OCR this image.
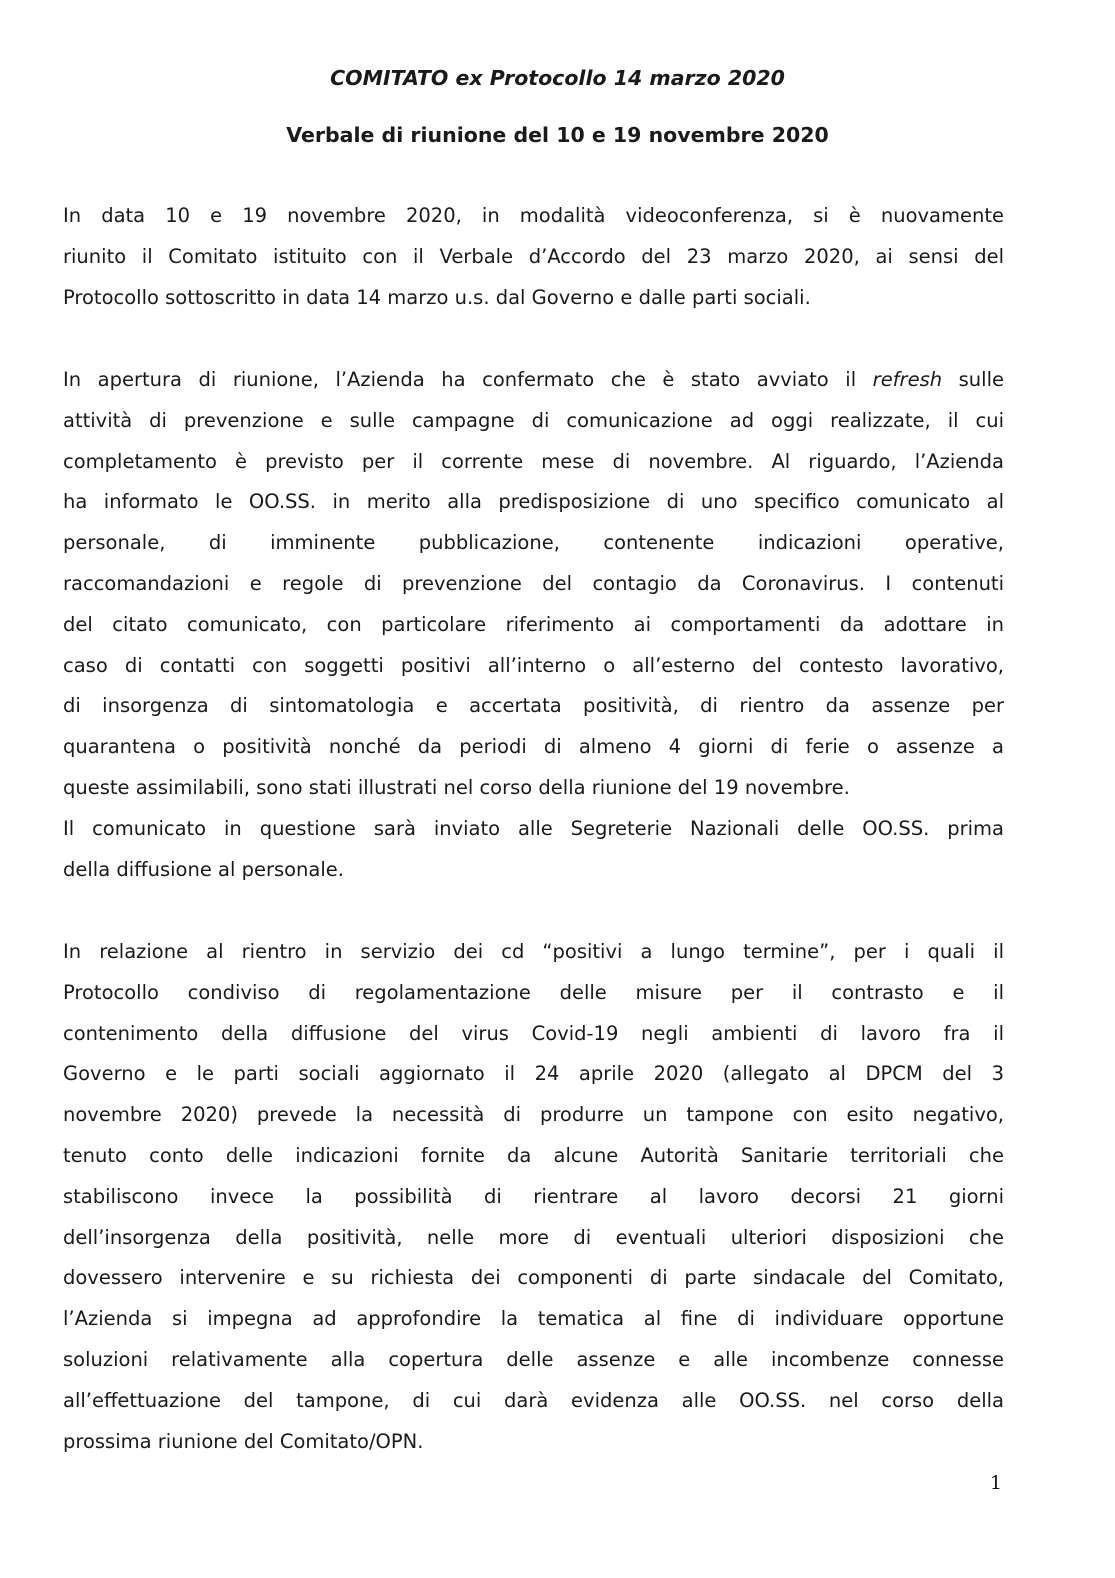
COMITATO ex Protocollo 14 marzo 2020
Verbale di riunione del 10 e 19 novembre 2020

In data 10 e 19 novembre 2020, in modalità videoconferenza, si è nuovamente
riunito il Comitato istituito con il Verbale d’Accordo del 23 marzo 2020, ai sensi del
Protocollo sottoscritto in data 14 marzo u.s. dal Governo e dalle parti sociali.

In apertura di riunione, l’Azienda ha confermato che è stato avviato il refresh sulle
attività di prevenzione e sulle campagne di comunicazione ad oggi realizzate, il cui
completamento è previsto per il corrente mese di novembre. Al riguardo, l’Azienda
ha informato le OO.SS. in merito alla predisposizione di uno specifico comunicato al
personale, di imminente pubblicazione, contenente indicazioni operative,
raccomandazioni e regole di prevenzione del contagio da Coronavirus. I contenuti
del citato comunicato, con particolare riferimento ai comportamenti da adottare in
caso di contatti con soggetti positivi all’interno o all’esterno del contesto lavorativo,
di insorgenza di sintomatologia e accertata positività, di rientro da assenze per
quarantena o positività nonché da periodi di almeno 4 giorni di ferie o assenze a
queste assimilabili, sono stati illustrati nel corso della riunione del 19 novembre.
Il comunicato in questione sarà inviato alle Segreterie Nazionali delle OO.SS. prima
della diffusione al personale.

In relazione al rientro in servizio dei cd “positivi a lungo termine”, per i quali il
Protocollo condiviso di regolamentazione delle misure per il contrasto e il
contenimento della diffusione del virus Covid-19 negli ambienti di lavoro fra il
Governo e le parti sociali aggiornato il 24 aprile 2020 (allegato al DPCM del 3
novembre 2020) prevede la necessità di produrre un tampone con esito negativo,
tenuto conto delle indicazioni fornite da alcune Autorità Sanitarie territoriali che
stabiliscono invece la possibilità di rientrare al lavoro decorsi 21 giorni
dell’insorgenza della positività, nelle more di eventuali ulteriori disposizioni che
dovessero intervenire e su richiesta dei componenti di parte sindacale del Comitato,
l’Azienda si impegna ad approfondire la tematica al fine di individuare opportune
soluzioni relativamente alla copertura delle assenze e alle incombenze connesse
all’effettuazione del tampone, di cui darà evidenza alle OO.SS. nel corso della
prossima riunione del Comitato/OPN.

1
